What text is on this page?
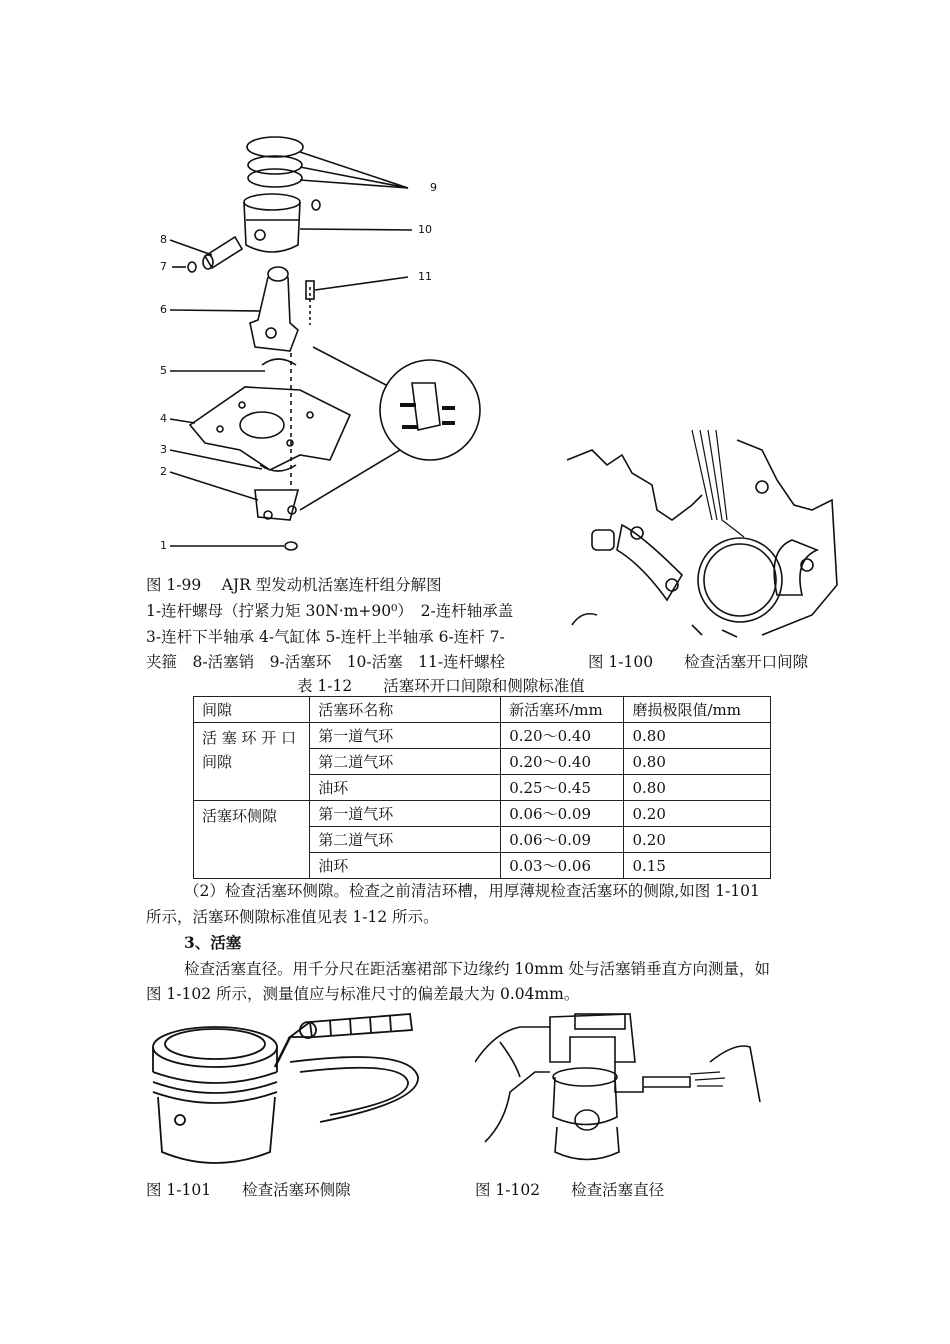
9
10
11
8
7
6
5
4
3
2
1
图 1-99　 AJR 型发动机活塞连杆组分解图
1-连杆螺母（拧紧力矩 30N·m+90⁰）　2-连杆轴承盖
3-连杆下半轴承 4-气缸体 5-连杆上半轴承 6-连杆 7-
夹箍　8-活塞销　9-活塞环　10-活塞　11-连杆螺栓	图 1-100　　检查活塞开口间隙
表 1-12　　活塞环开口间隙和侧隙标准值
间隙	活塞环名称	新活塞环/mm	磨损极限值/mm
活 塞 环 开 口 间隙	第一道气环	0.20～0.40	0.80
	第二道气环	0.20～0.40	0.80
	油环	0.25～0.45	0.80
活塞环侧隙	第一道气环	0.06～0.09	0.20
	第二道气环	0.06～0.09	0.20
	油环	0.03～0.06	0.15
（2）检查活塞环侧隙。检查之前清洁环槽，用厚薄规检查活塞环的侧隙,如图 1-101
所示，活塞环侧隙标准值见表 1-12 所示。
3、活塞
检查活塞直径。用千分尺在距活塞裙部下边缘约 10mm 处与活塞销垂直方向测量，如
图 1-102 所示，测量值应与标准尺寸的偏差最大为 0.04mm。
图 1-101　　检查活塞环侧隙	图 1-102　　检查活塞直径
